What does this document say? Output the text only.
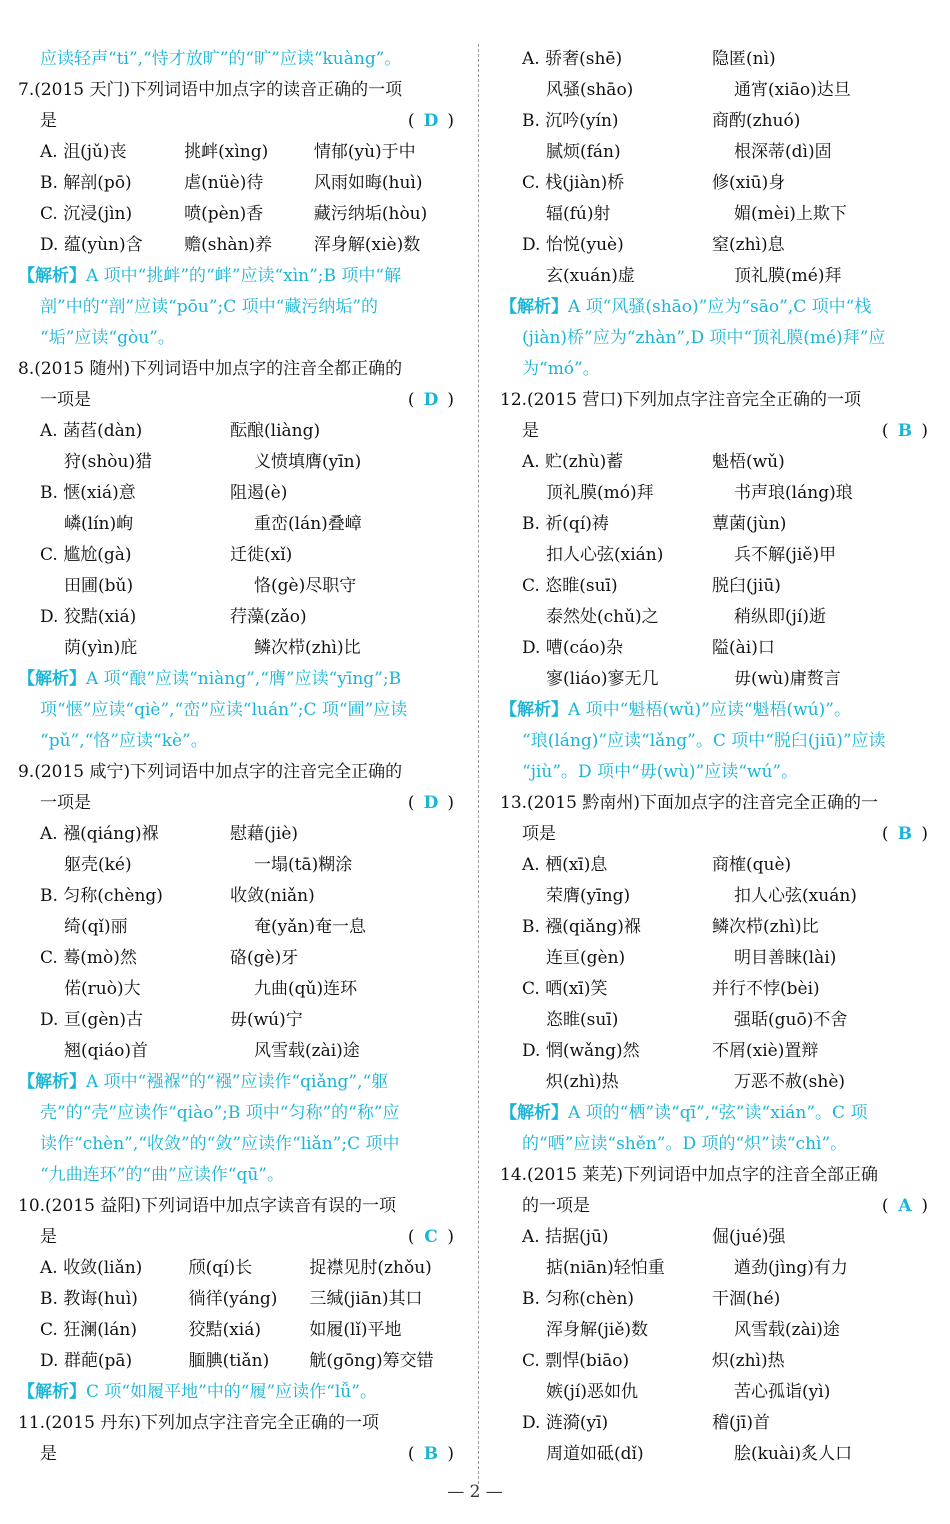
应读轻声“ti”,“恃才放旷”的“旷”应读“kuàng”。
7.(2015 天门)下列词语中加点字的读音正确的一项
是	( D )
A. 沮(jǔ)丧	挑衅(xìng)	情郁(yù)于中
B. 解剖(pō)	虐(nüè)待	风雨如晦(huì)
C. 沉浸(jìn)	喷(pèn)香	藏污纳垢(hòu)
D. 蕴(yùn)含	赡(shàn)养	浑身解(xiè)数
【解析】A 项中“挑衅”的“衅”应读“xìn”;B 项中“解
剖”中的“剖”应读“pōu”;C 项中“藏污纳垢”的
“垢”应读“gòu”。
8.(2015 随州)下列词语中加点字的注音全都正确的
一项是	( D )
A. 菡萏(dàn)	酝酿(liàng)
狩(shòu)猎	义愤填膺(yīn)
B. 惬(xiá)意	阻遏(è)
嶙(lín)峋	重峦(lán)叠嶂
C. 尴尬(gà)	迁徙(xǐ)
田圃(bǔ)	恪(gè)尽职守
D. 狡黠(xiá)	荇藻(zǎo)
荫(yìn)庇	鳞次栉(zhì)比
【解析】A 项“酿”应读“niàng”,“膺”应读“yīng”;B
项“惬”应读“qiè”,“峦”应读“luán”;C 项“圃”应读
“pǔ”,“恪”应读“kè”。
9.(2015 咸宁)下列词语中加点字的注音完全正确的
一项是	( D )
A. 襁(qiáng)褓	慰藉(jiè)
躯壳(ké)	一塌(tā)糊涂
B. 匀称(chèng)	收敛(niǎn)
绮(qǐ)丽	奄(yǎn)奄一息
C. 蓦(mò)然	硌(gè)牙
偌(ruò)大	九曲(qǔ)连环
D. 亘(gèn)古	毋(wú)宁
翘(qiáo)首	风雪载(zài)途
【解析】A 项中“襁褓”的“襁”应读作“qiǎng”,“躯
壳”的“壳”应读作“qiào”;B 项中“匀称”的“称”应
读作“chèn”,“收敛”的“敛”应读作“liǎn”;C 项中
“九曲连环”的“曲”应读作“qū”。
10.(2015 益阳)下列词语中加点字读音有误的一项
是	( C )
A. 收敛(liǎn)	颀(qí)长	捉襟见肘(zhǒu)
B. 教诲(huì)	徜徉(yáng)	三缄(jiān)其口
C. 狂澜(lán)	狡黠(xiá)	如履(lǐ)平地
D. 群葩(pā)	腼腆(tiǎn)	觥(gōng)筹交错
【解析】C 项“如履平地”中的“履”应读作“lǚ”。
11.(2015 丹东)下列加点字注音完全正确的一项
是	( B )
A. 骄奢(shē)	隐匿(nì)
风骚(shāo)	通宵(xiāo)达旦
B. 沉吟(yín)	商酌(zhuó)
腻烦(fán)	根深蒂(dì)固
C. 栈(jiàn)桥	修(xiū)身
辐(fú)射	媚(mèi)上欺下
D. 怡悦(yuè)	窒(zhì)息
玄(xuán)虚	顶礼膜(mé)拜
【解析】A 项“风骚(shāo)”应为“sāo”,C 项中“栈
(jiàn)桥”应为“zhàn”,D 项中“顶礼膜(mé)拜”应
为“mó”。
12.(2015 营口)下列加点字注音完全正确的一项
是	( B )
A. 贮(zhù)蓄	魁梧(wǔ)
顶礼膜(mó)拜	书声琅(láng)琅
B. 祈(qí)祷	蕈菌(jùn)
扣人心弦(xián)	兵不解(jiě)甲
C. 恣睢(suī)	脱臼(jiū)
泰然处(chǔ)之	稍纵即(jí)逝
D. 嘈(cáo)杂	隘(ài)口
寥(liáo)寥无几	毋(wù)庸赘言
【解析】A 项中“魁梧(wǔ)”应读“魁梧(wú)”。
“琅(láng)”应读“lǎng”。C 项中“脱臼(jiū)”应读
“jiù”。D 项中“毋(wù)”应读“wú”。
13.(2015 黔南州)下面加点字的注音完全正确的一
项是	( B )
A. 栖(xī)息	商榷(què)
荣膺(yīng)	扣人心弦(xuán)
B. 襁(qiǎng)褓	鳞次栉(zhì)比
连亘(gèn)	明目善睐(lài)
C. 哂(xī)笑	并行不悖(bèi)
恣睢(suī)	强聒(guō)不舍
D. 惘(wǎng)然	不屑(xiè)置辩
炽(zhì)热	万恶不赦(shè)
【解析】A 项的“栖”读“qī”,“弦”读“xián”。C 项
的“哂”应读“shěn”。D 项的“炽”读“chì”。
14.(2015 莱芜)下列词语中加点字的注音全部正确
的一项是	( A )
A. 拮据(jū)	倔(jué)强
掂(niān)轻怕重	遒劲(jìng)有力
B. 匀称(chèn)	干涸(hé)
浑身解(jiě)数	风雪载(zài)途
C. 剽悍(biāo)	炽(zhì)热
嫉(jí)恶如仇	苦心孤诣(yì)
D. 涟漪(yī)	稽(jī)首
周道如砥(dǐ)	脍(kuài)炙人口
— 2 —
